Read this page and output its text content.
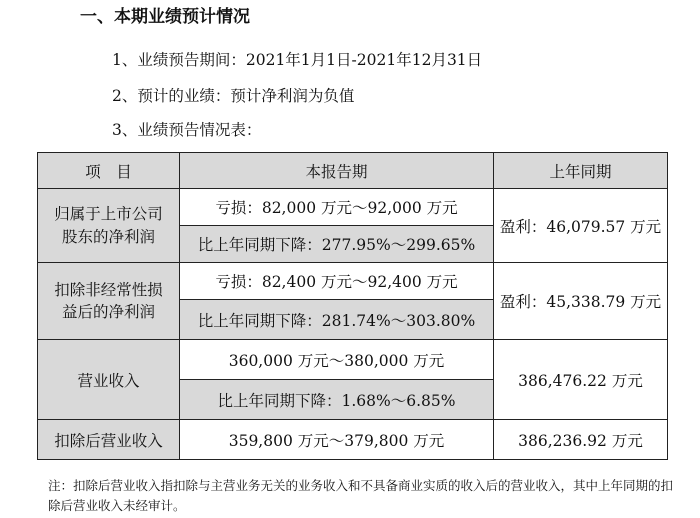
一、本期业绩预计情况
1、业绩预告期间：2021年1月1日-2021年12月31日
2、预计的业绩：预计净利润为负值
3、业绩预告情况表：
项　目	本报告期	上年同期
归属于上市公司
股东的净利润	亏损：82,000 万元～92,000 万元	盈利：46,079.57 万元
	比上年同期下降：277.95%～299.65%	
扣除非经常性损
益后的净利润	亏损：82,400 万元～92,400 万元	盈利：45,338.79 万元
	比上年同期下降：281.74%～303.80%	
营业收入	360,000 万元～380,000 万元	386,476.22 万元
	比上年同期下降：1.68%～6.85%	
扣除后营业收入	359,800 万元～379,800 万元	386,236.92 万元
注：扣除后营业收入指扣除与主营业务无关的业务收入和不具备商业实质的收入后的营业收入，其中上年同期的扣除后营业收入未经审计。
